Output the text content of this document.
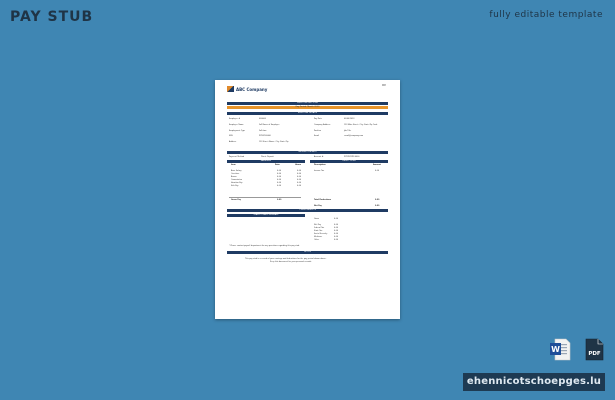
PAY STUB	fully editable template
ABC Company
PAY
EMPLOYEE PAY STUB
Pay Period: Month 2023
EMPLOYEE DETAILS
Employee #	000000	Pay Date	00/00/2023
Employee Name	Full Name of Employee	Company Address	123 Main Street, City, State Zip Code
Employment Type	Full-time	Position	Job Title
SSN	XXX-XX-0000	Email	email@company.com
Address	123 Street Name, City, State Zip
PAYMENT DETAILS
Payment Method	Direct Deposit	Account #	XXXX-XXXX-0000
EARNINGS	DEDUCTIONS
Item	Rate	Hours	Description	Amount
Base Salary	0.00	0.00
Overtime	0.00	0.00
Bonus	0.00	0.00
Commission	0.00	0.00
Vacation Pay	0.00	0.00
Sick Pay	0.00	0.00
Income Tax	0.00
Gross Pay	0.00	Total Deductions	0.00
Net Pay	0.00
OTHER BENEFITS
YEAR-TO-DATE SUMMARY
Gross	0.00
Net Pay	0.00
Federal Tax	0.00
State Tax	0.00
Social Security	0.00
Medicare	0.00
Other	0.00
* Please contact payroll department for any questions regarding this pay stub.
NOTES
This pay stub is a record of your earnings and deductions for the pay period shown above.
Keep this document for your personal records.
W	PDF
ehennicotschoepges.lu
